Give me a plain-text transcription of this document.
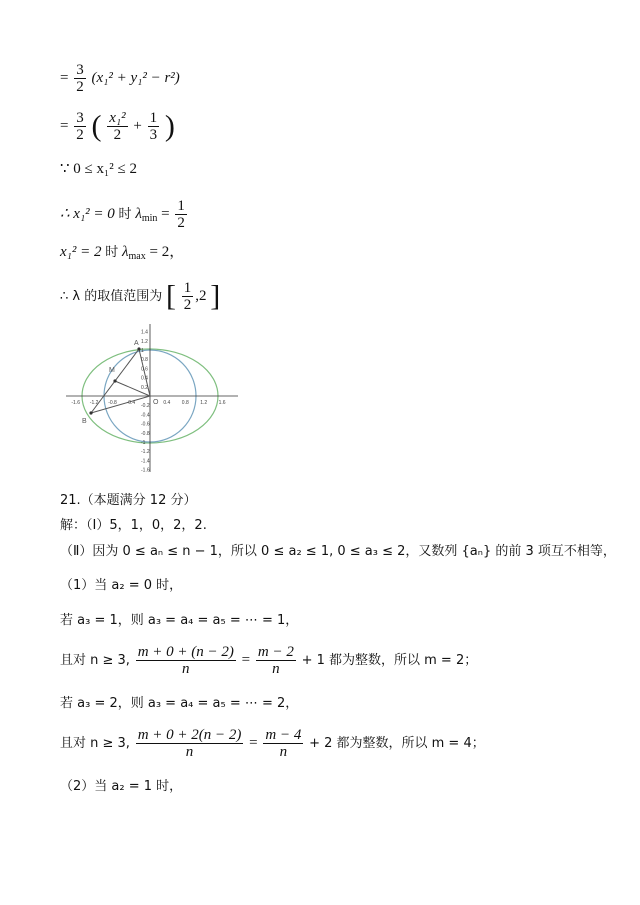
= $\frac{3}{2} (x_1^2 + y_1^2 - r^2)$
= $\frac{3}{2}$ ( $\frac{\text{x₁²}}{2} + \frac{1}{3}$ )
∵ 0 ≤ x₁² ≤ 2
∴ x₁² = 0 时 $\lambda_{min} = \frac{1}{2}$
x₁² = 2 时 $\lambda_{max} = 2$，
∴ λ 的取值范围为 [ $\frac{1}{2} ,2$ ]
A
M
B
O
-1.6 -1.2 -0.8 -0.4	0.4 0.8 1.2 1.6
1.4
1.2
1
0.8
0.6
0.4
0.2
-0.2
-0.4
-0.6
-0.8
-1
-1.2
-1.4
-1.6
21.（本题满分 12 分）
解：（Ⅰ）5，1，0，2，2.
（Ⅱ）因为 0 ≤ aₙ ≤ n − 1，所以 0 ≤ a₂ ≤ 1, 0 ≤ a₃ ≤ 2，又数列 {aₙ} 的前 3 项互不相等，
（1）当 a₂ = 0 时，
若 a₃ = 1，则 a₃ = a₄ = a₅ = ⋯ = 1，
且对 n ≥ 3, $\frac{m + 0 + (n - 2)}{n} = \frac{m - 2}{n} + 1$ 都为整数，所以 m = 2；
若 a₃ = 2，则 a₃ = a₄ = a₅ = ⋯ = 2，
且对 n ≥ 3, $\frac{m + 0 + 2(n - 2)}{n} = \frac{m - 4}{n} + 2$ 都为整数，所以 m = 4；
（2）当 a₂ = 1 时，
